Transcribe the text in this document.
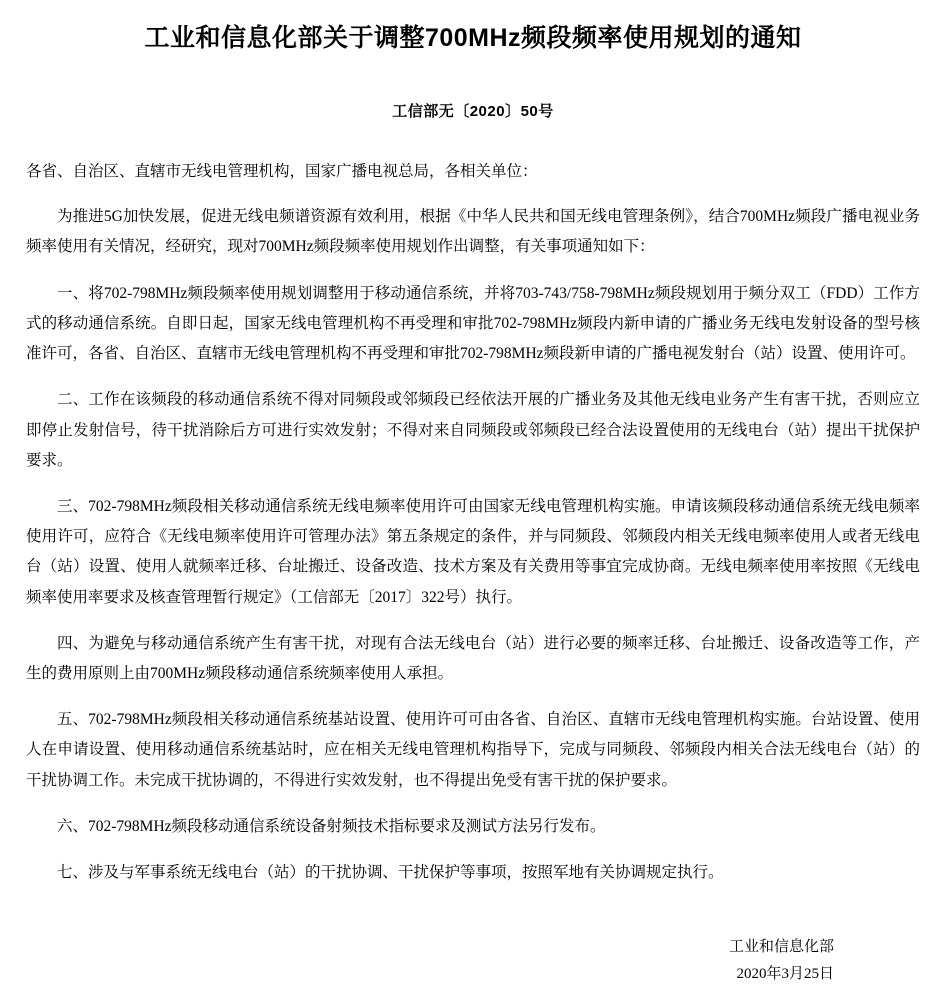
工业和信息化部关于调整700MHz频段频率使用规划的通知
工信部无〔2020〕50号

各省、自治区、直辖市无线电管理机构，国家广播电视总局，各相关单位：

为推进5G加快发展，促进无线电频谱资源有效利用，根据《中华人民共和国无线电管理条例》，结合700MHz频段广播电视业务频率使用有关情况，经研究，现对700MHz频段频率使用规划作出调整，有关事项通知如下：

一、将702-798MHz频段频率使用规划调整用于移动通信系统，并将703-743/758-798MHz频段规划用于频分双工（FDD）工作方式的移动通信系统。自即日起，国家无线电管理机构不再受理和审批702-798MHz频段内新申请的广播业务无线电发射设备的型号核准许可，各省、自治区、直辖市无线电管理机构不再受理和审批702-798MHz频段新申请的广播电视发射台（站）设置、使用许可。

二、工作在该频段的移动通信系统不得对同频段或邻频段已经依法开展的广播业务及其他无线电业务产生有害干扰，否则应立即停止发射信号，待干扰消除后方可进行实效发射；不得对来自同频段或邻频段已经合法设置使用的无线电台（站）提出干扰保护要求。

三、702-798MHz频段相关移动通信系统无线电频率使用许可由国家无线电管理机构实施。申请该频段移动通信系统无线电频率使用许可，应符合《无线电频率使用许可管理办法》第五条规定的条件，并与同频段、邻频段内相关无线电频率使用人或者无线电台（站）设置、使用人就频率迁移、台址搬迁、设备改造、技术方案及有关费用等事宜完成协商。无线电频率使用率按照《无线电频率使用率要求及核查管理暂行规定》（工信部无〔2017〕322号）执行。

四、为避免与移动通信系统产生有害干扰，对现有合法无线电台（站）进行必要的频率迁移、台址搬迁、设备改造等工作，产生的费用原则上由700MHz频段移动通信系统频率使用人承担。

五、702-798MHz频段相关移动通信系统基站设置、使用许可可由各省、自治区、直辖市无线电管理机构实施。台站设置、使用人在申请设置、使用移动通信系统基站时，应在相关无线电管理机构指导下，完成与同频段、邻频段内相关合法无线电台（站）的干扰协调工作。未完成干扰协调的，不得进行实效发射，也不得提出免受有害干扰的保护要求。

六、702-798MHz频段移动通信系统设备射频技术指标要求及测试方法另行发布。

七、涉及与军事系统无线电台（站）的干扰协调、干扰保护等事项，按照军地有关协调规定执行。

工业和信息化部
2020年3月25日
